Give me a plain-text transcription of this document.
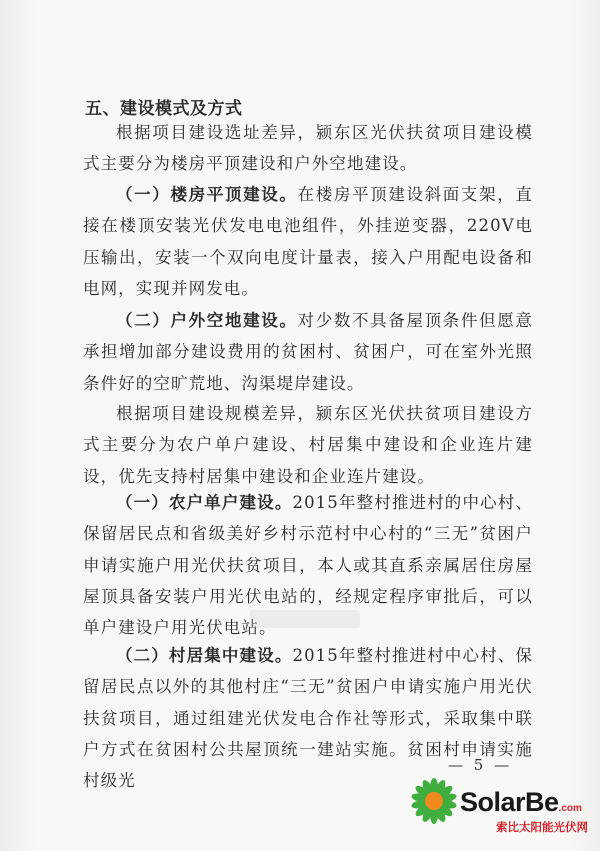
五、建设模式及方式
根据项目建设选址差异，颍东区光伏扶贫项目建设模式主要分为楼房平顶建设和户外空地建设。
（一）楼房平顶建设。在楼房平顶建设斜面支架，直接在楼顶安装光伏发电电池组件，外挂逆变器，220V电压输出，安装一个双向电度计量表，接入户用配电设备和电网，实现并网发电。
（二）户外空地建设。对少数不具备屋顶条件但愿意承担增加部分建设费用的贫困村、贫困户，可在室外光照条件好的空旷荒地、沟渠堤岸建设。
根据项目建设规模差异，颍东区光伏扶贫项目建设方式主要分为农户单户建设、村居集中建设和企业连片建设，优先支持村居集中建设和企业连片建设。
（一）农户单户建设。2015年整村推进村的中心村、保留居民点和省级美好乡村示范村中心村的“三无”贫困户申请实施户用光伏扶贫项目，本人或其直系亲属居住房屋屋顶具备安装户用光伏电站的，经规定程序审批后，可以单户建设户用光伏电站。
（二）村居集中建设。2015年整村推进村中心村、保留居民点以外的其他村庄“三无”贫困户申请实施户用光伏扶贫项目，通过组建光伏发电合作社等形式，采取集中联户方式在贫困村公共屋顶统一建站实施。贫困村申请实施村级光
— 5 —
SolarBe.com
索比太阳能光伏网
